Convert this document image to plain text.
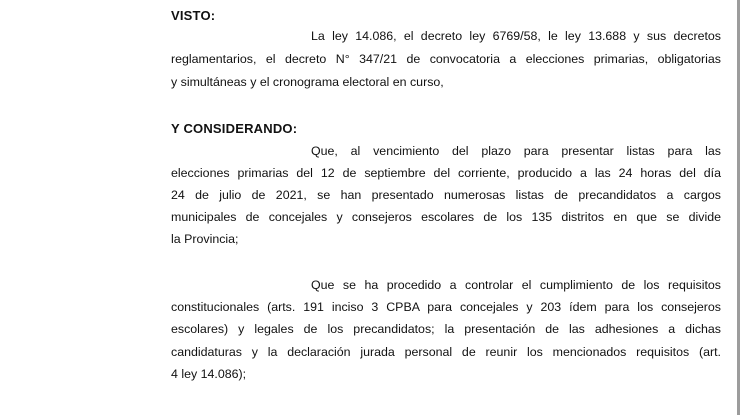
VISTO:
La ley 14.086, el decreto ley 6769/58, le ley 13.688 y sus decretos
reglamentarios, el decreto N° 347/21 de convocatoria a elecciones primarias, obligatorias
y simultáneas y el cronograma electoral en curso,
Y CONSIDERANDO:
Que, al vencimiento del plazo para presentar listas para las
elecciones primarias del 12 de septiembre del corriente, producido a las 24 horas del día
24 de julio de 2021, se han presentado numerosas listas de precandidatos a cargos
municipales de concejales y consejeros escolares de los 135 distritos en que se divide
la Provincia;
Que se ha procedido a controlar el cumplimiento de los requisitos
constitucionales (arts. 191 inciso 3 CPBA para concejales y 203 ídem para los consejeros
escolares) y legales de los precandidatos; la presentación de las adhesiones a dichas
candidaturas y la declaración jurada personal de reunir los mencionados requisitos (art.
4 ley 14.086);
